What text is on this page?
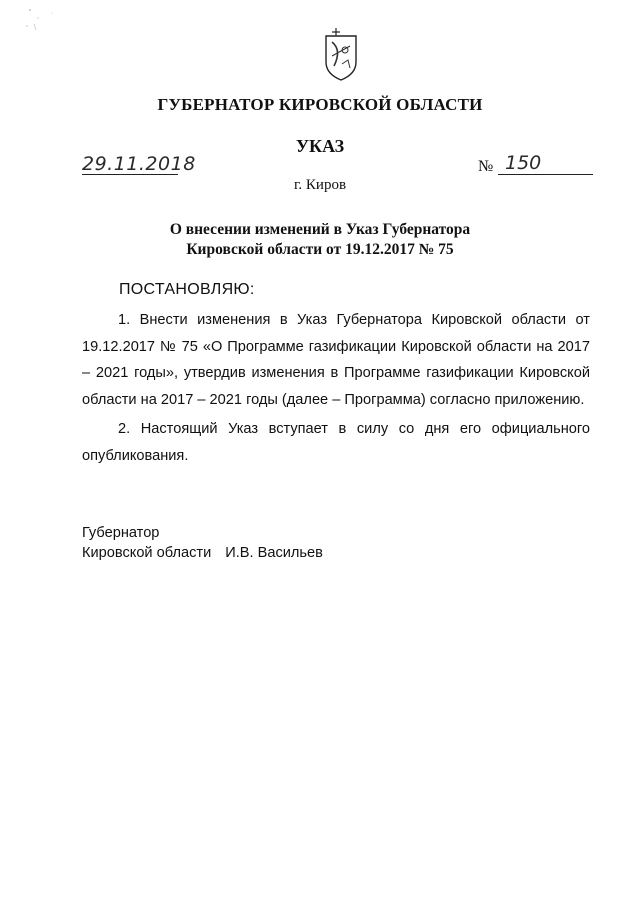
ГУБЕРНАТОР КИРОВСКОЙ ОБЛАСТИ
УКАЗ
29.11.2018	№ 150
г. Киров
О внесении изменений в Указ Губернатора
Кировской области от 19.12.2017 № 75
ПОСТАНОВЛЯЮ:

1. Внести изменения в Указ Губернатора Кировской области от 19.12.2017 № 75 «О Программе газификации Кировской области на 2017 – 2021 годы», утвердив изменения в Программе газификации Кировской области на 2017 – 2021 годы (далее – Программа) согласно приложению.

2. Настоящий Указ вступает в силу со дня его официального опубликования.

Губернатор
Кировской области И.В. Васильев
